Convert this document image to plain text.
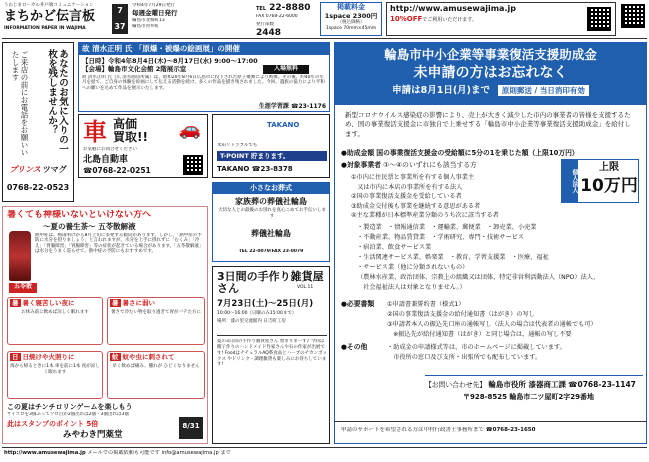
うわじまローカル井戸端コミュニケーション
まちかど伝言板
INFORMATION PAPER IN WAJIMA
7
37
令和4年7月29日発行
毎週金曜日発行
輪島市北鳴町13
輪島市河井町
TEL 22-8880
FAX 0768-22-6000
発行部数
2448
掲載料金
1space 2300円
（税込価格）
1space 70mm×45mm
http://www.amusewajima.jp
10%OFFでご利用いただけます。
あなたのお気に入りの一枚を残しませんか？
ご来店の前にお電話をお願いいたします
プリンス ツマグ
0768-22-0523
故 清水正明 氏 「原爆・被爆の絵画展」の開催
【日時】令和4年8月4日(木)～8月17日(水) 9:00～17:00
【会場】輪島市文化会館 2階展示室	入場無料
故 清水正明 氏（広 清水画房所属）は、昭和20年8月6日広島市に投下された原子爆弾により被爆。その後、約40年の年月を経て、ご自身の体験を絵画にして伝える活動を続け、多くの作品を描き残されました。今回、遺族の協力により平和への願いを込めて作品を展示いたします。
生涯学習課 ☎23-1176
車 高価
買取!! 🚗
お気軽にお問合せください
北島自動車
☎0768-22-0251
TAKANO
米田リトラブルでも
T-POINT 貯まります。
TAKANO ☎23-8378
暑くても神様いないといけない方へ
～夏の養生茶～ 五苓散解液
熱中症は、梅雨明けから8月上旬に多発する傾向があります。しかし、「熱中症の予防に水分を摂りましょう」と言われますが、水分を上手に摂れずに「むくみ」「冷え」「胃腸障害」「胃腸障害」等の症状が起きている場合があります。「五苓散解液」は水分をうまく巡らせて、熱中症の予防にもおすすめです。
五苓散
暑 暑く寝苦しい夜に
お休み前に飲めば涼しく眠れます
暑 暑さに弱い
暑さで冷たい物を取り過ぎて胃がバテた方に
日 日焼けや火照りに
海から帰るときに1本 車を前に1本 夜が涼しく眠れます
蚊 蚊や虫に刺されて
早く飲めば痛み、腫れが ひどくなりません
この夏はチンチロリンゲームを楽しもう
サイコロを3個ふってゾロ目が2個出れば2個・3個出れば3個
此はスタンプのポイント 5倍
みやわき門薬堂
8/31
小さなお葬式
家族葬の葬儀社輪島
大切な人との最後のお別れを真心こめてお手伝いします
葬儀社輪島
TEL 22-0079/FAX 23-0079
3日間の手作り雑貨屋さん	VOL.11
7月23日(土)～25日(月)
10:00～16:00（日曜のみ15:00まで）
場所：漆の里交流館内 日吉町工房
夏の3日間の手作り雑貨屋さん 始まりまーす♪ 今回は帽子作りのハンドメイド作家さんや石の作家が出展です! FoodはナチュラルAQ系食品とハーブのチカンボックス やドリンク・調理雑貨も楽しみにお待ちしています!
輪島市中小企業等事業復活支援助成金
未申請の方はお忘れなく
申請は8月1日(月)まで 原則郵送 / 当日消印有効
新型コロナウイルス感染症の影響により、売上が大きく減少した市内の事業者の皆様を支援するため、国の事業復活支援金に市独自で上乗せする「輪島市中小企業等事業復活支援助成金」を給付します。
●助成金額 国の事業復活支援金の受給額に5分の1を乗じた額（上限10万円）
●対象事業者 ①～④のいずれにも該当する方
個人法人
上限
10万円
①市内に住民票と事業所を有する個人事業主
　又は市内に本店の事業所を有する法人
②国の事業復活支援金を受給している者
③助成金交付後も事業を継続する意思がある者
④主な業種が日本標準産業分類のうち次に該当する者
・製造業　・情報通信業　・運輸業、郵便業　・卸売業、小売業
・不動産業、物品賃貸業　・学術研究、専門・技術サービス
・宿泊業、飲食サービス業
・生活関連サービス業、娯楽業　・教育、学習支援業　・医療、福祉
・サービス業（他に分類されないもの）
（農林水産業、政治団体、宗教上の組織又は団体、特定非営利活動法人（NPO）法人、
　社会福祉法人は対象となりません。）
●必要書類 ①申請書兼誓約書（様式1）
②国の事業復活支援金の給付通知書（はがき）の写し
③申請者本人の振込先口座の通帳写し（法人の場合は代表者の通帳でも可）
　※振込先が給付通知書（はがき）と同じ場合は、通帳の写し不要
●その他	・助成金の申請様式等は、市のホームページに掲載しています。
　市役所の窓口及び支所・出張所でも配布しています。
【お問い合わせ先】 輪島市役所 漆器商工課 ☎0768-23-1147
〒928-8525 輪島市二ツ屋町2字29番地
申請のサポートを希望される方は中村行政書士事務所まで ☎0768-23-1650
http://www.amusewajima.jp メールでの掲載依頼も可能です info@amusewajima.jp まで
